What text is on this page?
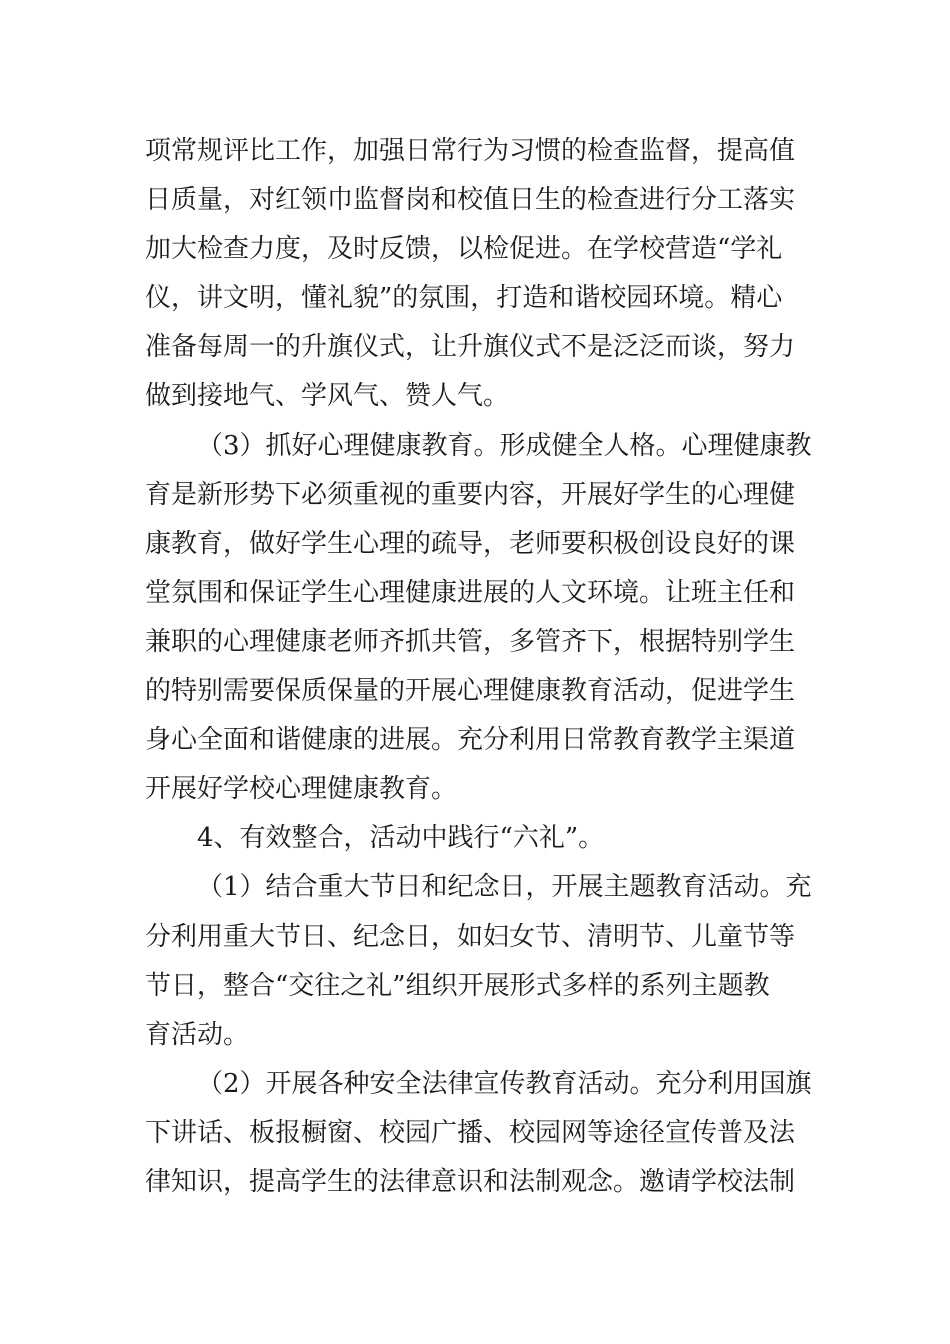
项常规评比工作，加强日常行为习惯的检查监督，提高值
日质量，对红领巾监督岗和校值日生的检查进行分工落实
加大检查力度，及时反馈，以检促进。在学校营造“学礼
仪，讲文明，懂礼貌”的氛围，打造和谐校园环境。精心
准备每周一的升旗仪式，让升旗仪式不是泛泛而谈，努力
做到接地气、学风气、赞人气。
（3）抓好心理健康教育。形成健全人格。心理健康教
育是新形势下必须重视的重要内容，开展好学生的心理健
康教育，做好学生心理的疏导，老师要积极创设良好的课
堂氛围和保证学生心理健康进展的人文环境。让班主任和
兼职的心理健康老师齐抓共管，多管齐下，根据特别学生
的特别需要保质保量的开展心理健康教育活动，促进学生
身心全面和谐健康的进展。充分利用日常教育教学主渠道
开展好学校心理健康教育。
4、有效整合，活动中践行“六礼”。
（1）结合重大节日和纪念日，开展主题教育活动。充
分利用重大节日、纪念日，如妇女节、清明节、儿童节等
节日，整合“交往之礼”组织开展形式多样的系列主题教
育活动。
（2）开展各种安全法律宣传教育活动。充分利用国旗
下讲话、板报橱窗、校园广播、校园网等途径宣传普及法
律知识，提高学生的法律意识和法制观念。邀请学校法制
